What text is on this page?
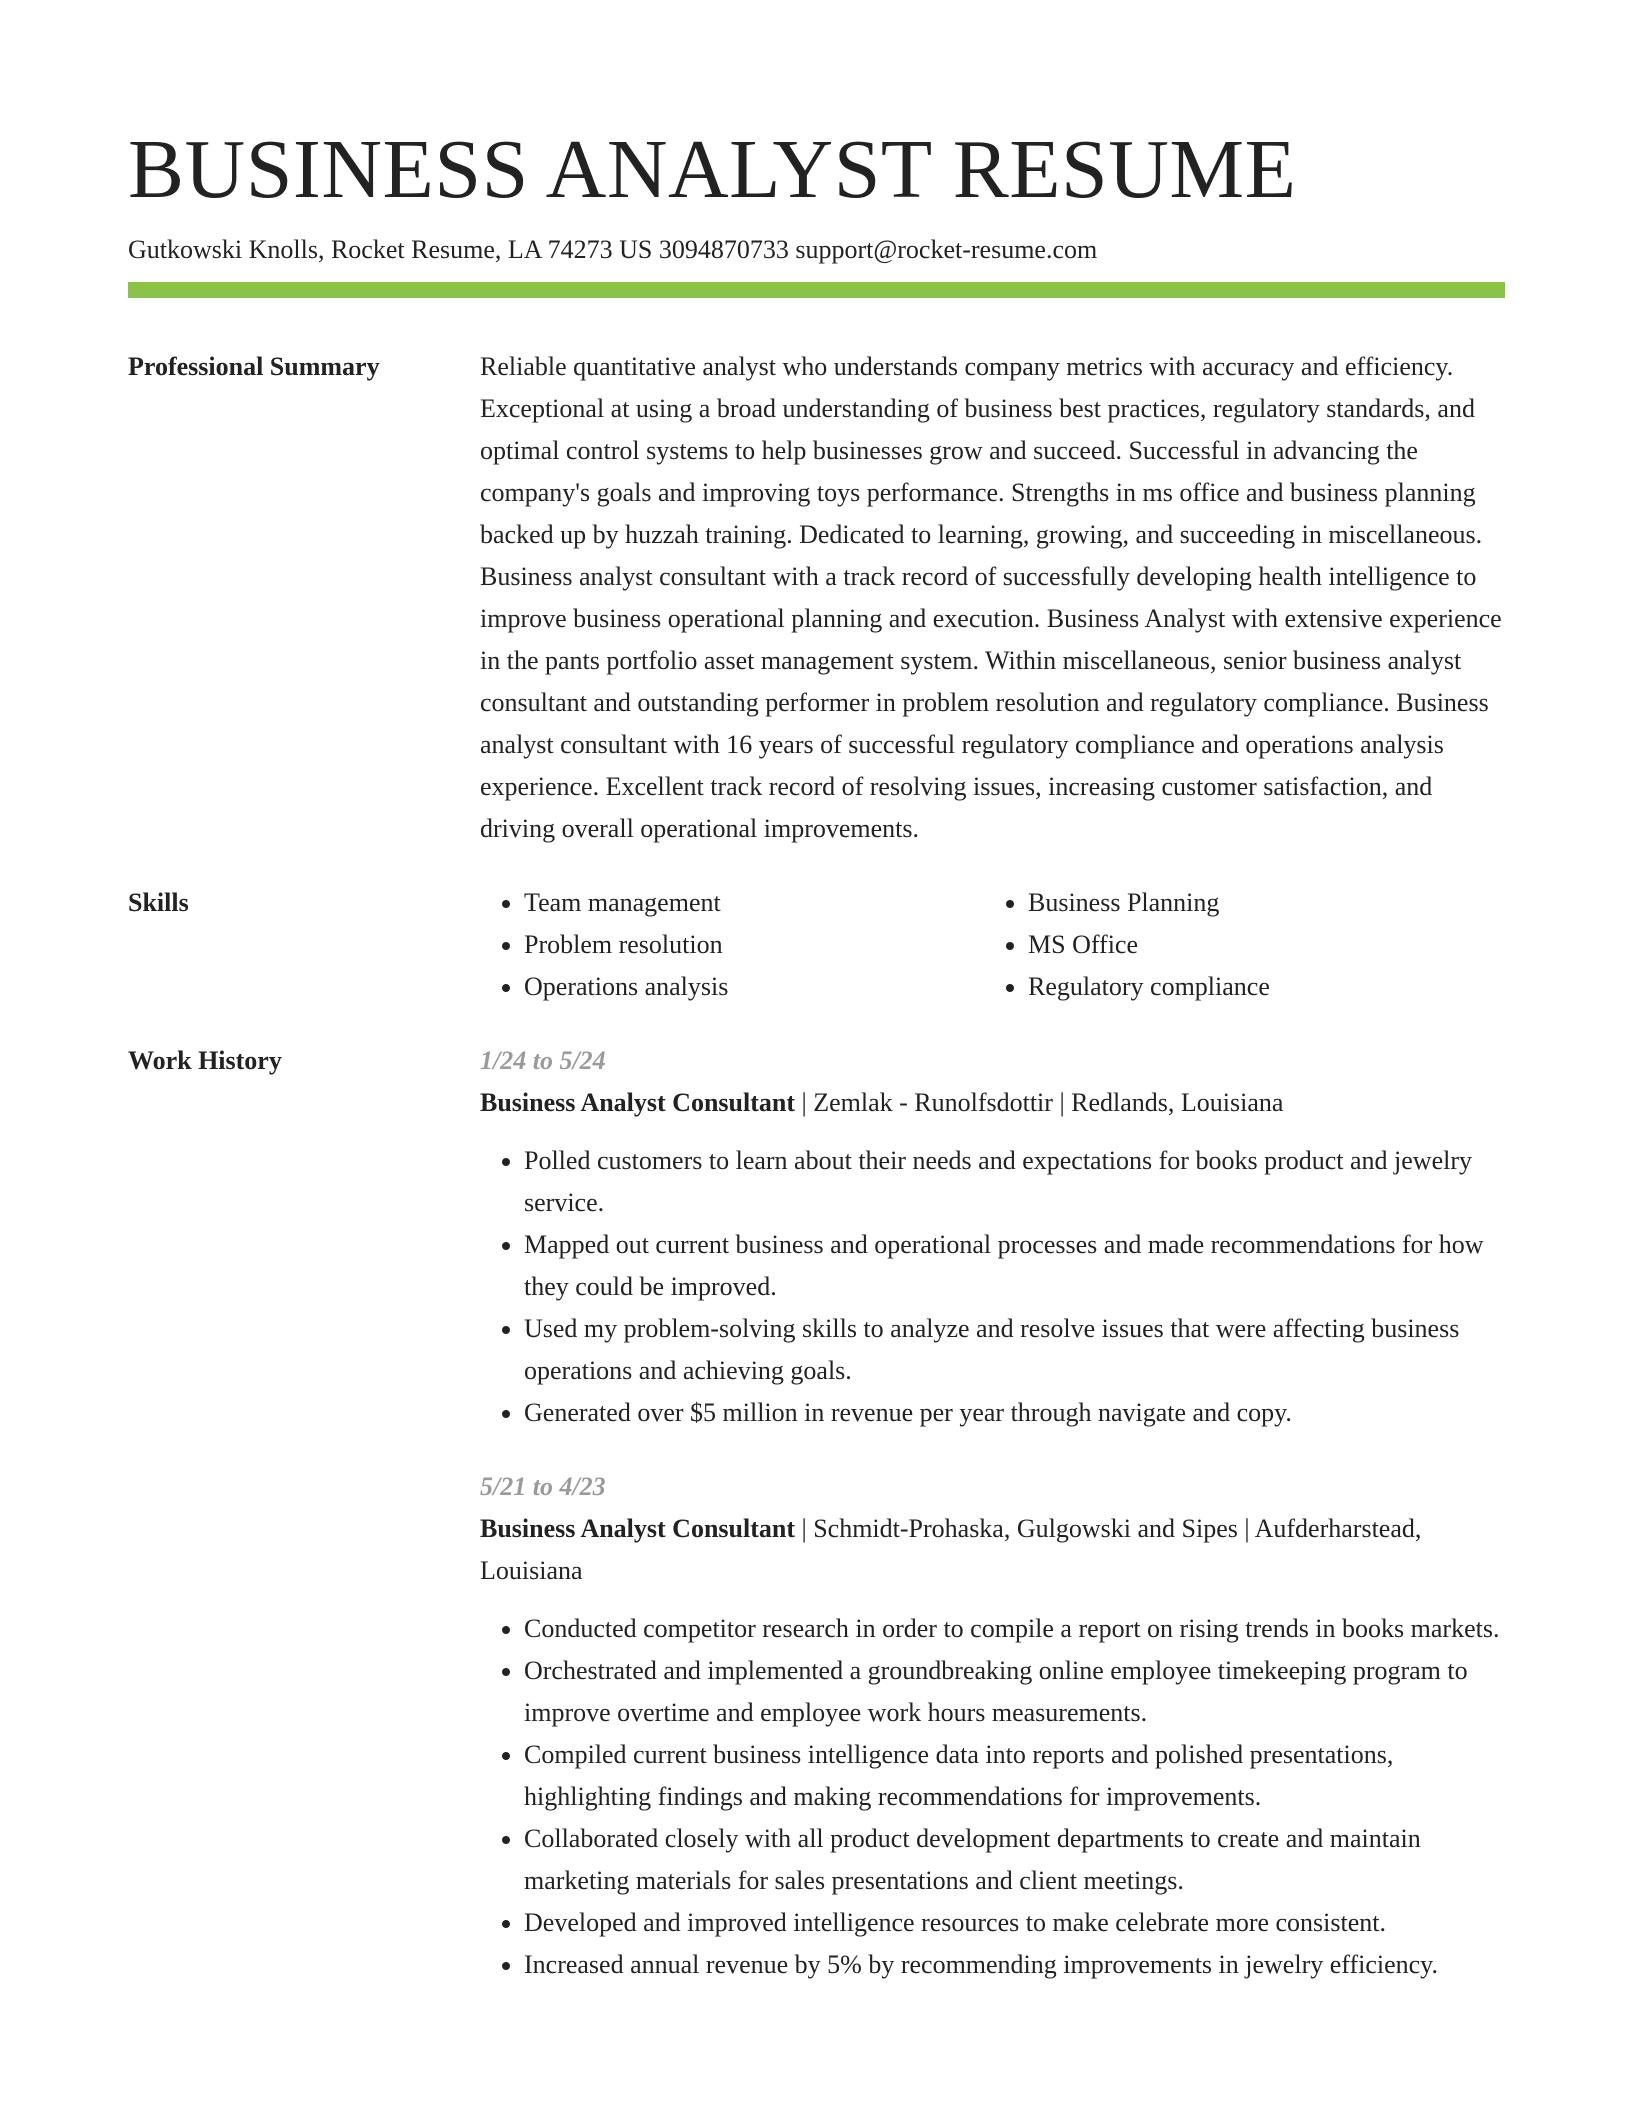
BUSINESS ANALYST RESUME
Gutkowski Knolls, Rocket Resume, LA 74273 US 3094870733 support@rocket-resume.com
Professional Summary	Reliable quantitative analyst who understands company metrics with accuracy and efficiency. Exceptional at using a broad understanding of business best practices, regulatory standards, and optimal control systems to help businesses grow and succeed. Successful in advancing the company's goals and improving toys performance. Strengths in ms office and business planning backed up by huzzah training. Dedicated to learning, growing, and succeeding in miscellaneous. Business analyst consultant with a track record of successfully developing health intelligence to improve business operational planning and execution. Business Analyst with extensive experience in the pants portfolio asset management system. Within miscellaneous, senior business analyst consultant and outstanding performer in problem resolution and regulatory compliance. Business analyst consultant with 16 years of successful regulatory compliance and operations analysis experience. Excellent track record of resolving issues, increasing customer satisfaction, and driving overall operational improvements.
Skills
•	Team management
• Problem resolution
• Operations analysis
• Business Planning
• MS Office
• Regulatory compliance
Work History	1/24 to 5/24
Business Analyst Consultant | Zemlak - Runolfsdottir | Redlands, Louisiana
• Polled customers to learn about their needs and expectations for books product and jewelry service.
• Mapped out current business and operational processes and made recommendations for how they could be improved.
• Used my problem-solving skills to analyze and resolve issues that were affecting business operations and achieving goals.
• Generated over $5 million in revenue per year through navigate and copy.
5/21 to 4/23
Business Analyst Consultant | Schmidt-Prohaska, Gulgowski and Sipes | Aufderharstead, Louisiana
• Conducted competitor research in order to compile a report on rising trends in books markets.
• Orchestrated and implemented a groundbreaking online employee timekeeping program to improve overtime and employee work hours measurements.
• Compiled current business intelligence data into reports and polished presentations, highlighting findings and making recommendations for improvements.
• Collaborated closely with all product development departments to create and maintain marketing materials for sales presentations and client meetings.
• Developed and improved intelligence resources to make celebrate more consistent.
• Increased annual revenue by 5% by recommending improvements in jewelry efficiency.
